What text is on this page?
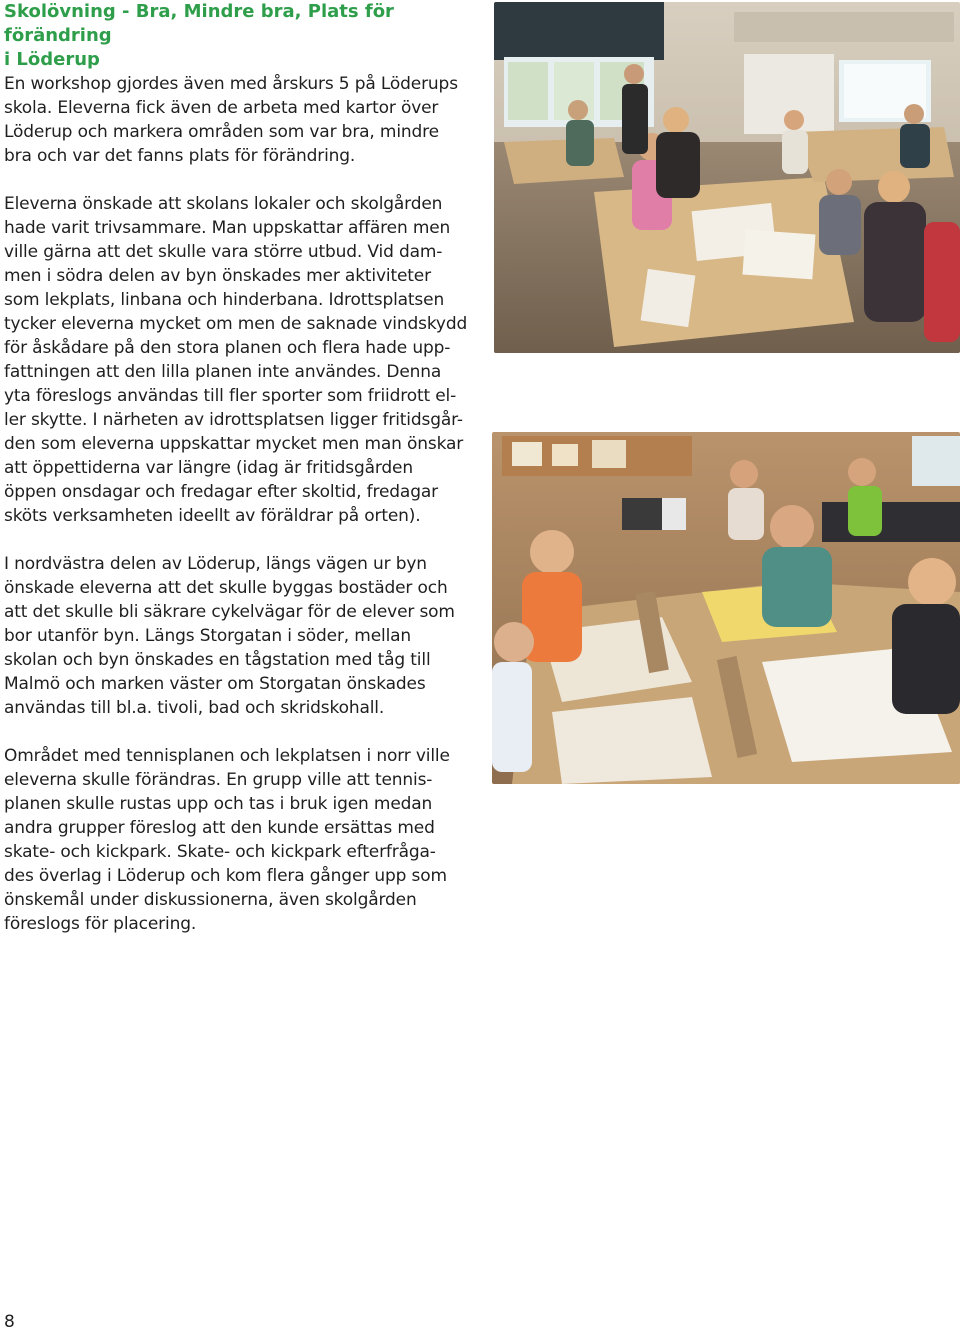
Skolövning - Bra, Mindre bra, Plats för förändring
i Löderup

En workshop gjordes även med årskurs 5 på Löderups
skola. Eleverna fick även de arbeta med kartor över
Löderup och markera områden som var bra, mindre
bra och var det fanns plats för förändring.

Eleverna önskade att skolans lokaler och skolgården
hade varit trivsammare. Man uppskattar affären men
ville gärna att det skulle vara större utbud. Vid dam-
men i södra delen av byn önskades mer aktiviteter
som lekplats, linbana och hinderbana. Idrottsplatsen
tycker eleverna mycket om men de saknade vindskydd
för åskådare på den stora planen och flera hade upp-
fattningen att den lilla planen inte användes. Denna
yta föreslogs användas till fler sporter som friidrott el-
ler skytte. I närheten av idrottsplatsen ligger fritidsgår-
den som eleverna uppskattar mycket men man önskar
att öppettiderna var längre (idag är fritidsgården
öppen onsdagar och fredagar efter skoltid, fredagar
sköts verksamheten ideellt av föräldrar på orten).

I nordvästra delen av Löderup, längs vägen ur byn
önskade eleverna att det skulle byggas bostäder och
att det skulle bli säkrare cykelvägar för de elever som
bor utanför byn. Längs Storgatan i söder, mellan
skolan och byn önskades en tågstation med tåg till
Malmö och marken väster om Storgatan önskades
användas till bl.a. tivoli, bad och skridskohall.

Området med tennisplanen och lekplatsen i norr ville
eleverna skulle förändras. En grupp ville att tennis-
planen skulle rustas upp och tas i bruk igen medan
andra grupper föreslog att den kunde ersättas med
skate- och kickpark. Skate- och kickpark efterfråga-
des överlag i Löderup och kom flera gånger upp som
önskemål under diskussionerna, även skolgården
föreslogs för placering.

8
